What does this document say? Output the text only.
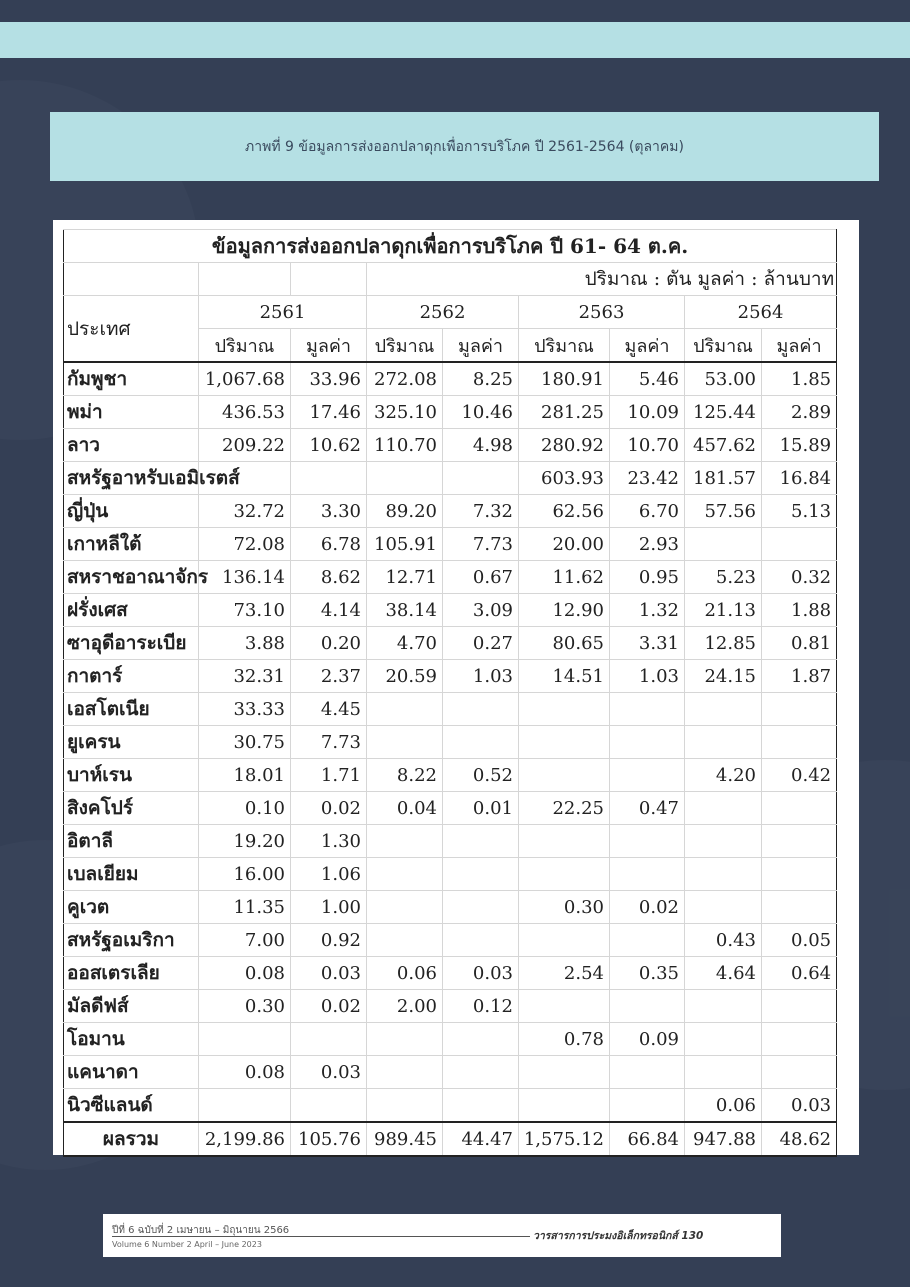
ภาพที่ 9 ข้อมูลการส่งออกปลาดุกเพื่อการบริโภค ปี 2561-2564 (ตุลาคม)
ข้อมูลการส่งออกปลาดุกเพื่อการบริโภค ปี 61- 64 ต.ค.								
			ปริมาณ : ตัน มูลค่า : ล้านบาท					
ประเทศ	2561		2562		2563		2564	
	ปริมาณ	มูลค่า	ปริมาณ	มูลค่า	ปริมาณ	มูลค่า	ปริมาณ	มูลค่า
กัมพูชา	1,067.68	33.96	272.08	8.25	180.91	5.46	53.00	1.85
พม่า	436.53	17.46	325.10	10.46	281.25	10.09	125.44	2.89
ลาว	209.22	10.62	110.70	4.98	280.92	10.70	457.62	15.89
สหรัฐอาหรับเอมิเรตส์					603.93	23.42	181.57	16.84
ญี่ปุ่น	32.72	3.30	89.20	7.32	62.56	6.70	57.56	5.13
เกาหลีใต้	72.08	6.78	105.91	7.73	20.00	2.93		
สหราชอาณาจักร	136.14	8.62	12.71	0.67	11.62	0.95	5.23	0.32
ฝรั่งเศส	73.10	4.14	38.14	3.09	12.90	1.32	21.13	1.88
ซาอุดีอาระเบีย	3.88	0.20	4.70	0.27	80.65	3.31	12.85	0.81
กาตาร์	32.31	2.37	20.59	1.03	14.51	1.03	24.15	1.87
เอสโตเนีย	33.33	4.45						
ยูเครน	30.75	7.73						
บาห์เรน	18.01	1.71	8.22	0.52			4.20	0.42
สิงคโปร์	0.10	0.02	0.04	0.01	22.25	0.47		
อิตาลี	19.20	1.30						
เบลเยียม	16.00	1.06						
คูเวต	11.35	1.00			0.30	0.02		
สหรัฐอเมริกา	7.00	0.92					0.43	0.05
ออสเตรเลีย	0.08	0.03	0.06	0.03	2.54	0.35	4.64	0.64
มัลดีฟส์	0.30	0.02	2.00	0.12				
โอมาน					0.78	0.09		
แคนาดา	0.08	0.03						
นิวซีแลนด์							0.06	0.03
ผลรวม	2,199.86	105.76	989.45	44.47	1,575.12	66.84	947.88	48.62
ปีที่ 6 ฉบับที่ 2 เมษายน – มิถุนายน 2566
Volume 6 Number 2 April – June 2023
วารสารการประมงอิเล็กทรอนิกส์ 130
